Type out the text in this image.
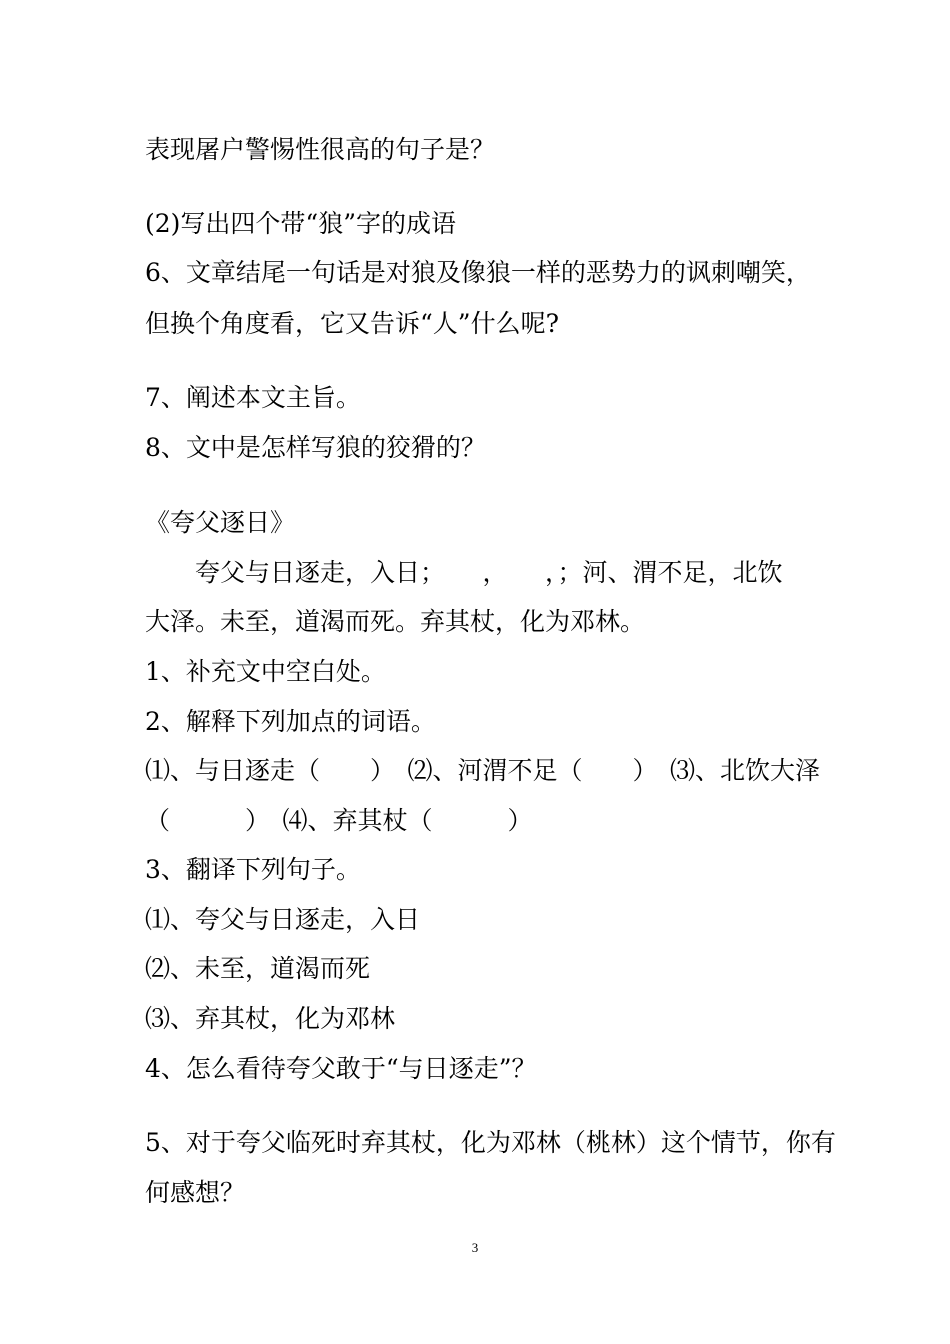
表现屠户警惕性很高的句子是？

(2)写出四个带“狼”字的成语

6、文章结尾一句话是对狼及像狼一样的恶势力的讽刺嘲笑，

但换个角度看，它又告诉“人”什么呢?

7、阐述本文主旨。

8、文中是怎样写狼的狡猾的？

《夸父逐日》

　　夸父与日逐走，入日；　　，　　，；河、渭不足，北饮

大泽。未至，道渴而死。弃其杖，化为邓林。

1、补充文中空白处。

2、解释下列加点的词语。

⑴、与日逐走（　　）　⑵、河渭不足（　　）　⑶、北饮大泽

（　　　）　⑷、弃其杖（　　　）

3、翻译下列句子。

⑴、夸父与日逐走，入日

⑵、未至，道渴而死

⑶、弃其杖，化为邓林

4、怎么看待夸父敢于“与日逐走”？

5、对于夸父临死时弃其杖，化为邓林（桃林）这个情节，你有

何感想？

3
